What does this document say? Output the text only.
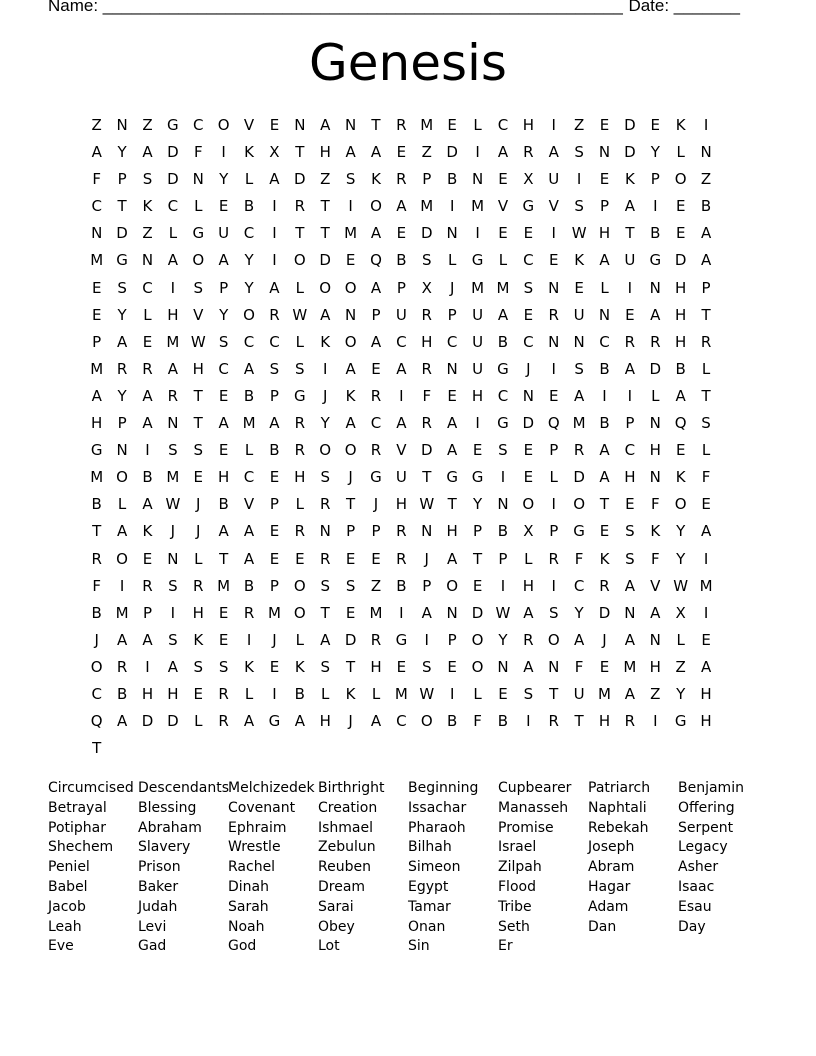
Name: _______________________________________________________ Date: _______
Genesis
Z N Z G C O V	E	N A N	T	R M E	L	C H	I	Z	E D E	K	I
A	Y	A D	F	I	K	X	T	H A	A	E	Z D	I	A	R	A	S	N D	Y	L	N
F	P	S D N	Y	L	A D Z	S	K	R	P	B N	E	X U	I	E	K	P O Z
C	T	K	C	L	E	B	I	R	T	I	O A M	I	M V G V	S	P	A	I	E	B
N D Z	L	G U C	I	T	T M A	E D N	I	E	E	I	W H	T	B	E	A
M G N A O A	Y	I	O D E Q B	S	L	G	L	C	E	K	A U G D A
E	S	C	I	S	P	Y	A	L	O O A	P	X	J	M M S	N	E	L	I	N H	P
E	Y	L	H V	Y O R W A N	P	U R	P	U A	E	R U N	E	A H	T
P	A	E M W S	C C	L	K O A	C H C U B	C N N C R R H R
M R R	A H C	A	S	S	I	A	E	A	R N U G	J	I	S	B	A D B	L
A	Y	A	R	T	E	B	P	G	J	K	R	I	F	E	H C N	E	A	I	I	L	A	T
H	P	A N	T	A M A	R	Y	A	C	A	R	A	I	G D Q M B	P	N Q S
G N	I	S	S	E	L	B	R O O R	V D A	E	S	E	P	R	A	C H	E	L
M O B M E	H C	E	H S	J	G U	T G G	I	E	L	D A H N K	F
B	L	A W	J	B	V	P	L	R	T	J	H W T	Y	N O	I	O T	E	F	O E
T	A	K	J	J	A	A	E	R N	P	P	R N H	P	B	X	P	G E	S	K	Y	A
R O E	N	L	T	A	E	E	R	E	E	R	J	A	T	P	L	R	F	K	S	F	Y	I
F	I	R	S	R M B	P O S	S	Z	B	P O E	I	H	I	C R	A	V W M
B M P	I	H	E	R M O T	E M	I	A N D W A	S	Y	D N A	X	I
J	A	A	S	K	E	I	J	L	A D R G	I	P O Y	R O A	J	A N	L	E
O R	I	A	S	S	K	E	K	S	T	H	E	S	E O N A N	F	E M H Z	A
C	B H H	E	R	L	I	B	L	K	L M W	I	L	E	S	T	U M A	Z	Y	H
Q A D D	L	R	A G A H	J	A	C O B	F	B	I	R	T	H R	I	G H
T
Circumcised Descendants Melchizedek Birthright	Beginning	Cupbearer	Patriarch	Benjamin
Betrayal	Blessing	Covenant	Creation	Issachar	Manasseh	Naphtali	Offering
Potiphar	Abraham	Ephraim	Ishmael	Pharaoh	Promise	Rebekah	Serpent
Shechem	Slavery	Wrestle	Zebulun	Bilhah	Israel	Joseph	Legacy
Peniel	Prison	Rachel	Reuben	Simeon	Zilpah	Abram	Asher
Babel	Baker	Dinah	Dream	Egypt	Flood	Hagar	Isaac
Jacob	Judah	Sarah	Sarai	Tamar	Tribe	Adam	Esau
Leah	Levi	Noah	Obey	Onan	Seth	Dan	Day
Eve	Gad	God	Lot	Sin	Er
